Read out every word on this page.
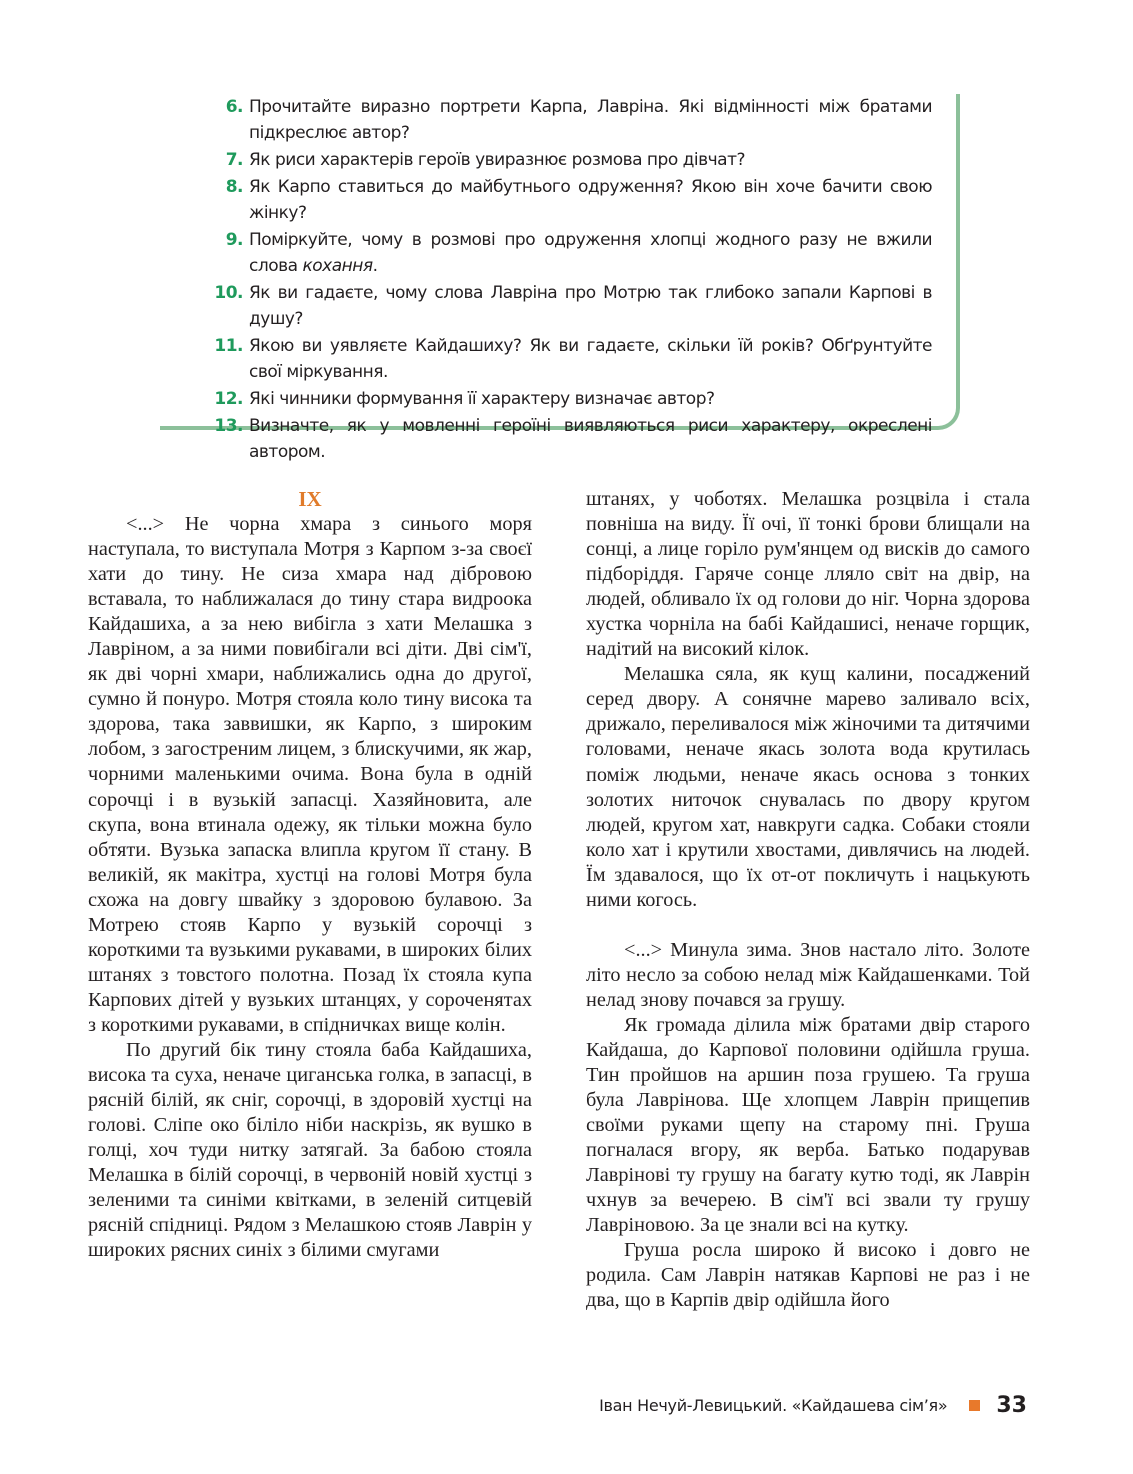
6. Прочитайте виразно портрети Карпа, Лавріна. Які відмінності між братами підкреслює автор?
7. Як риси характерів героїв увиразнює розмова про дівчат?
8. Як Карпо ставиться до майбутнього одруження? Якою він хоче бачити свою жінку?
9. Поміркуйте, чому в розмові про одруження хлопці жодного разу не вжили слова кохання.
10. Як ви гадаєте, чому слова Лавріна про Мотрю так глибоко запали Карпові в душу?
11. Якою ви уявляєте Кайдашиху? Як ви гадаєте, скільки їй років? Обґрунтуйте свої міркування.
12. Які чинники формування її характеру визначає автор?
13. Визначте, як у мовленні героїні виявляються риси характеру, окреслені автором.
IX

<...> Не чорна хмара з синього моря наступала, то виступала Мотря з Карпом з-за своєї хати до тину. Не сиза хмара над дібровою вставала, то наближалася до тину стара видроока Кайдашиха, а за нею вибігла з хати Мелашка з Лавріном, а за ними повибігали всі діти. Дві сім'ї, як дві чорні хмари, наближались одна до другої, сумно й понуро. Мотря стояла коло тину висока та здорова, така заввишки, як Карпо, з широким лобом, з загостреним лицем, з блискучими, як жар, чорними маленькими очима. Вона була в одній сорочці і в вузькій запасці. Хазяйновита, але скупа, вона втинала одежу, як тільки можна було обтяти. Вузька запаска влипла кругом її стану. В великій, як макітра, хустці на голові Мотря була схожа на довгу швайку з здоровою булавою. За Мотрею стояв Карпо у вузькій сорочці з короткими та вузькими рукавами, в широких білих штанях з товстого полотна. Позад їх стояла купа Карпових дітей у вузьких штанцях, у сороченятах з короткими рукавами, в спідничках вище колін.

По другий бік тину стояла баба Кайдашиха, висока та суха, неначе циганська голка, в запасці, в рясній білій, як сніг, сорочці, в здоровій хустці на голові. Сліпе око біліло ніби наскрізь, як вушко в голці, хоч туди нитку затягай. За бабою стояла Мелашка в білій сорочці, в червоній новій хустці з зеленими та синіми квітками, в зеленій ситцевій рясній спідниці. Рядом з Мелашкою стояв Лаврін у широких рясних синіх з білими смугами

штанях, у чоботях. Мелашка розцвіла і стала повніша на виду. Її очі, її тонкі брови блищали на сонці, а лице горіло рум'янцем од висків до самого підборіддя. Гаряче сонце лляло світ на двір, на людей, обливало їх од голови до ніг. Чорна здорова хустка чорніла на бабі Кайдашисі, неначе горщик, надітий на високий кілок.

Мелашка сяла, як кущ калини, посаджений серед двору. А сонячне марево заливало всіх, дрижало, переливалося між жіночими та дитячими головами, неначе якась золота вода крутилась поміж людьми, неначе якась основа з тонких золотих ниточок снувалась по двору кругом людей, кругом хат, навкруги садка. Собаки стояли коло хат і крутили хвостами, дивлячись на людей. Їм здавалося, що їх от-от покличуть і нацькують ними когось.

<...> Минула зима. Знов настало літо. Золоте літо несло за собою нелад між Кайдашенками. Той нелад знову почався за грушу.

Як громада ділила між братами двір старого Кайдаша, до Карпової половини одійшла груша. Тин пройшов на аршин поза грушею. Та груша була Лаврінова. Ще хлопцем Лаврін прищепив своїми руками щепу на старому пні. Груша погналася вгору, як верба. Батько подарував Лаврінові ту грушу на багату кутю тоді, як Лаврін чхнув за вечерею. В сім'ї всі звали ту грушу Лавріновою. За це знали всі на кутку.

Груша росла широко й високо і довго не родила. Сам Лаврін натякав Карпові не раз і не два, що в Карпів двір одійшла його

Іван Нечуй-Левицький. «Кайдашева сім’я» 33
